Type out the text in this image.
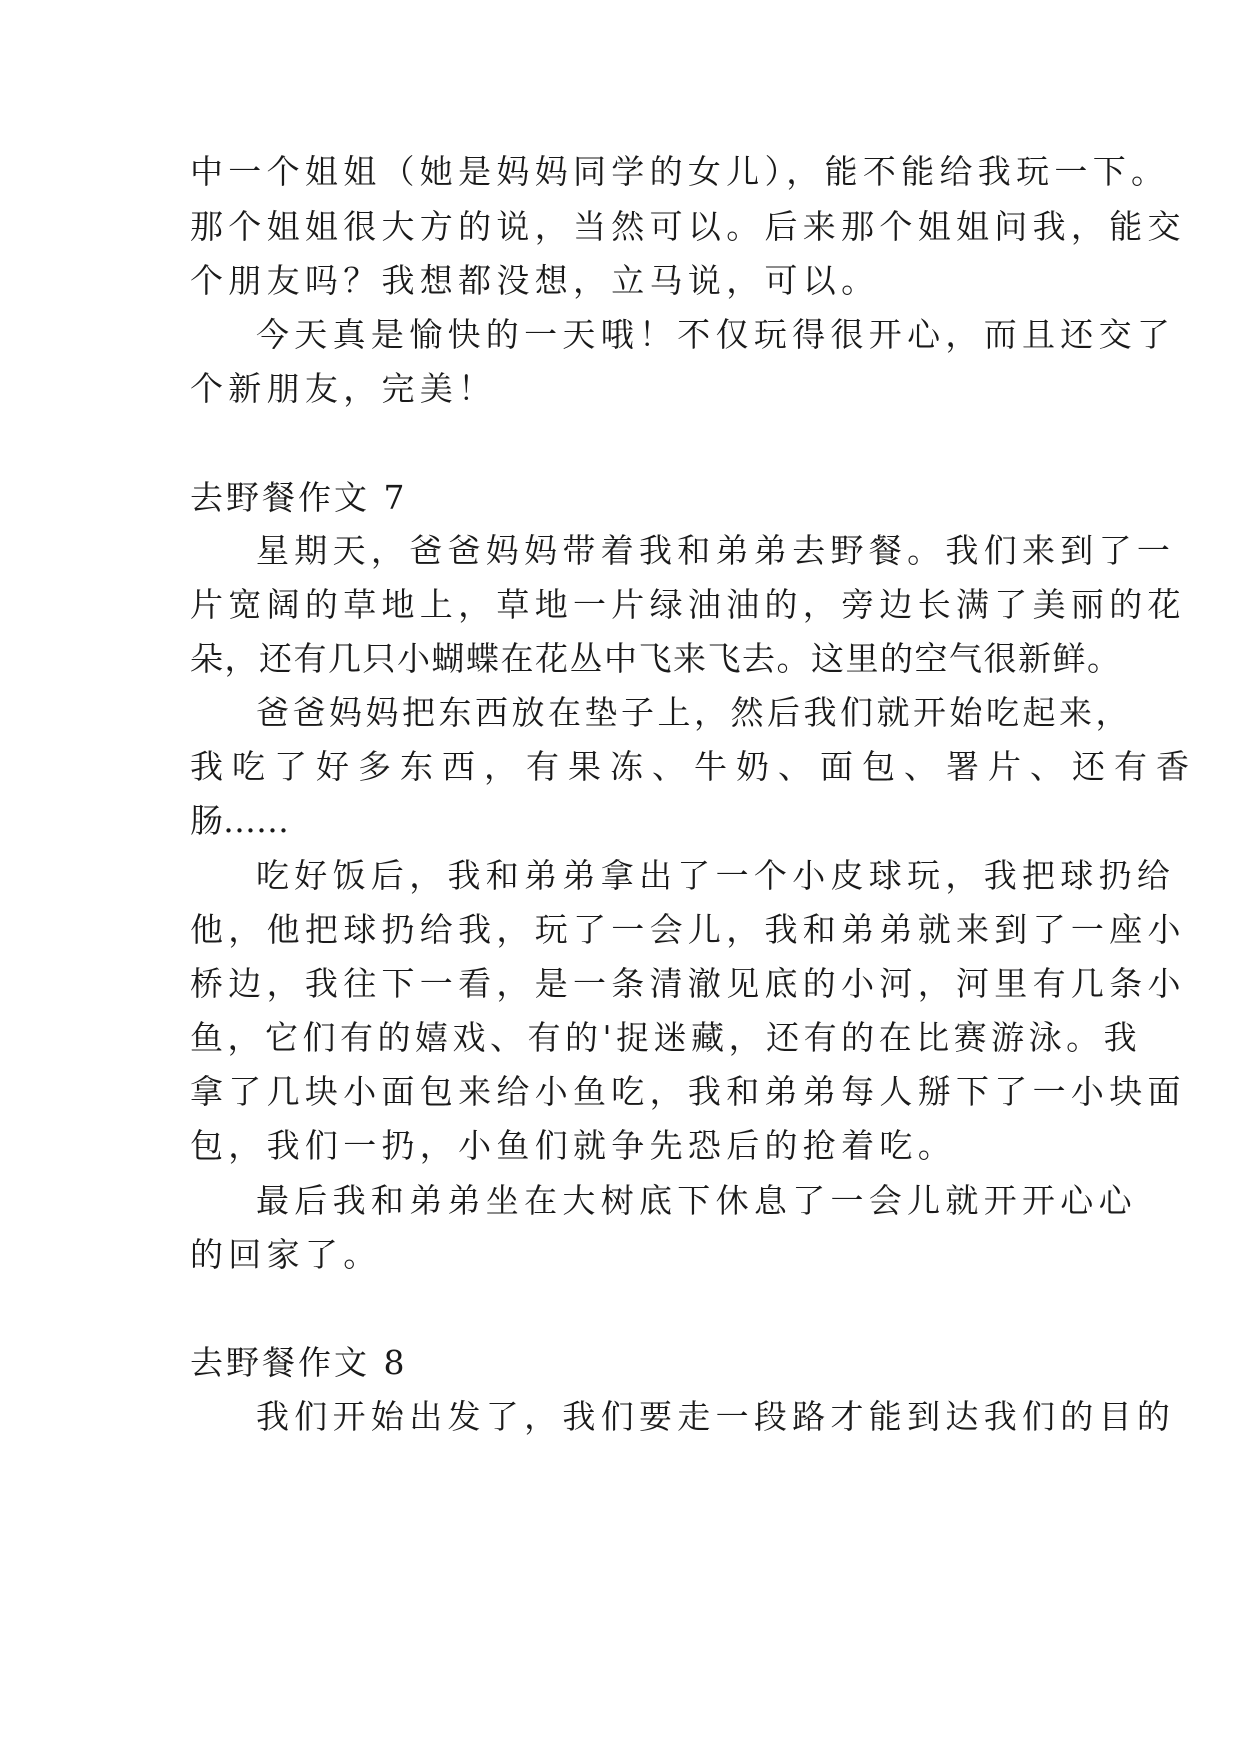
中一个姐姐（她是妈妈同学的女儿），能不能给我玩一下。

那个姐姐很大方的说，当然可以。后来那个姐姐问我，能交

个朋友吗？我想都没想，立马说，可以。

今天真是愉快的一天哦！不仅玩得很开心，而且还交了

个新朋友，完美！

去野餐作文 7

星期天，爸爸妈妈带着我和弟弟去野餐。我们来到了一

片宽阔的草地上，草地一片绿油油的，旁边长满了美丽的花

朵，还有几只小蝴蝶在花丛中飞来飞去。这里的空气很新鲜。

爸爸妈妈把东西放在垫子上，然后我们就开始吃起来，

我吃了好多东西，有果冻、牛奶、面包、署片、还有香

肠……

吃好饭后，我和弟弟拿出了一个小皮球玩，我把球扔给

他，他把球扔给我，玩了一会儿，我和弟弟就来到了一座小

桥边，我往下一看，是一条清澈见底的小河，河里有几条小

鱼，它们有的嬉戏、有的'捉迷藏，还有的在比赛游泳。我

拿了几块小面包来给小鱼吃，我和弟弟每人掰下了一小块面

包，我们一扔，小鱼们就争先恐后的抢着吃。

最后我和弟弟坐在大树底下休息了一会儿就开开心心

的回家了。

去野餐作文 8

我们开始出发了，我们要走一段路才能到达我们的目的
